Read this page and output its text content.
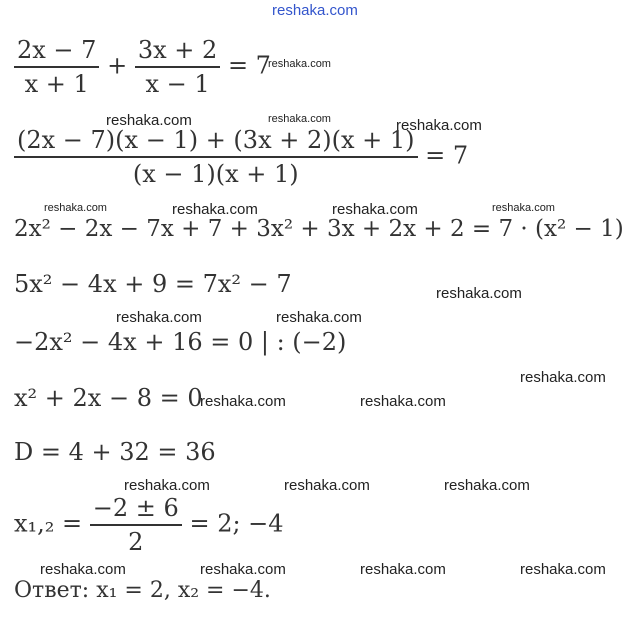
reshaka.com
$\frac{2x - 7}{x + 1} + \frac{3x + 2}{x - 1} = 7$
$\frac{(2x - 7)(x - 1) + (3x + 2)(x + 1)}{(x - 1)(x + 1)} = 7$
2x² − 2x − 7x + 7 + 3x² + 3x + 2x + 2 = 7 · (x² − 1)
5x² − 4x + 9 = 7x² − 7
−2x² − 4x + 16 = 0 | : (−2)
x² + 2x − 8 = 0
D = 4 + 32 = 36
$x_1,_2 = \frac{-2 \pm 6}{2} = 2$; −4
Ответ: x₁ = 2, x₂ = −4.
reshaka.com
reshaka.com	reshaka.com	reshaka.com
reshaka.com	reshaka.com	reshaka.com	reshaka.com
reshaka.com
reshaka.com	reshaka.com
reshaka.com
reshaka.com	reshaka.com
reshaka.com	reshaka.com	reshaka.com
reshaka.com	reshaka.com	reshaka.com	reshaka.com
